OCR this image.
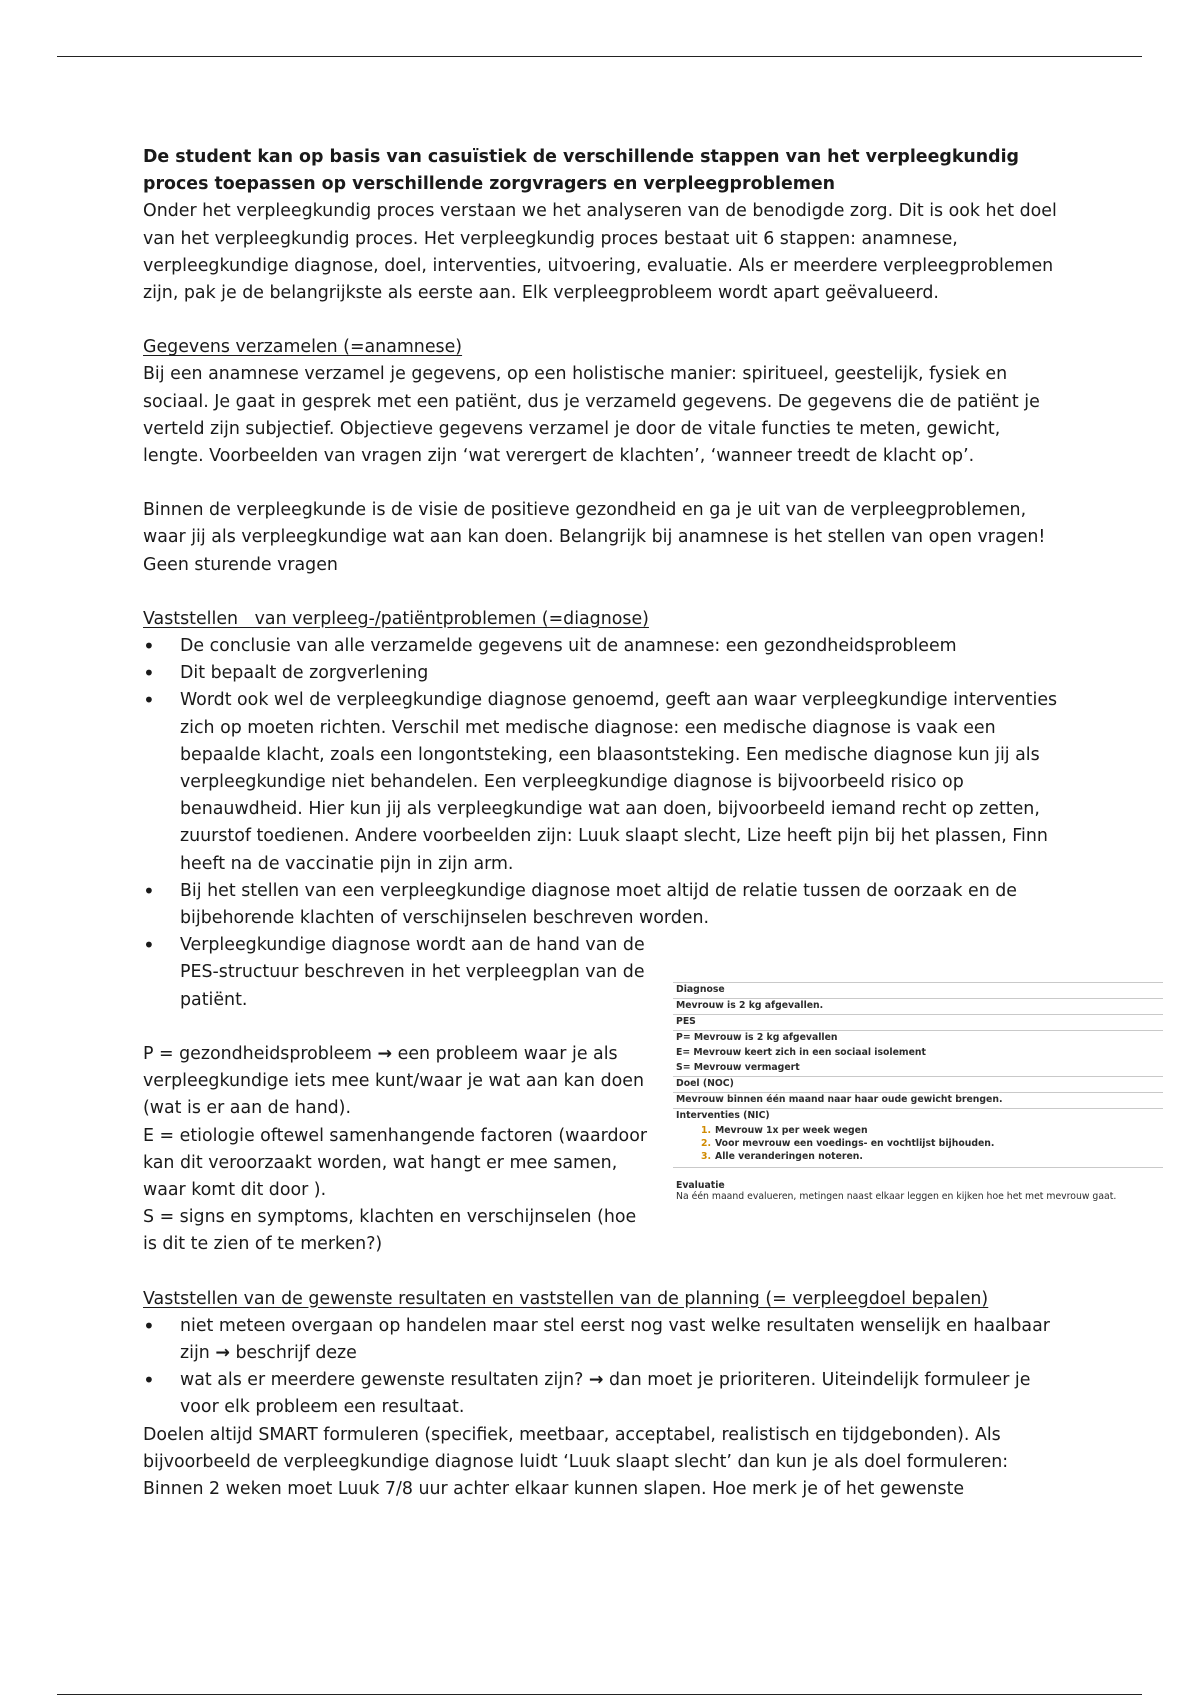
De student kan op basis van casuïstiek de verschillende stappen van het verpleegkundig proces toepassen op verschillende zorgvragers en verpleegproblemen

Onder het verpleegkundig proces verstaan we het analyseren van de benodigde zorg. Dit is ook het doel van het verpleegkundig proces. Het verpleegkundig proces bestaat uit 6 stappen: anamnese, verpleegkundige diagnose, doel, interventies, uitvoering, evaluatie. Als er meerdere verpleegproblemen zijn, pak je de belangrijkste als eerste aan. Elk verpleegprobleem wordt apart geëvalueerd.

Gegevens verzamelen (=anamnese)

Bij een anamnese verzamel je gegevens, op een holistische manier: spiritueel, geestelijk, fysiek en sociaal. Je gaat in gesprek met een patiënt, dus je verzameld gegevens. De gegevens die de patiënt je verteld zijn subjectief. Objectieve gegevens verzamel je door de vitale functies te meten, gewicht, lengte. Voorbeelden van vragen zijn ‘wat verergert de klachten’, ‘wanneer treedt de klacht op’.

Binnen de verpleegkunde is de visie de positieve gezondheid en ga je uit van de verpleegproblemen, waar jij als verpleegkundige wat aan kan doen. Belangrijk bij anamnese is het stellen van open vragen! Geen sturende vragen

Vaststellen   van verpleeg-/patiëntproblemen (=diagnose)

• De conclusie van alle verzamelde gegevens uit de anamnese: een gezondheidsprobleem
• Dit bepaalt de zorgverlening
• Wordt ook wel de verpleegkundige diagnose genoemd, geeft aan waar verpleegkundige interventies zich op moeten richten. Verschil met medische diagnose: een medische diagnose is vaak een bepaalde klacht, zoals een longontsteking, een blaasontsteking. Een medische diagnose kun jij als verpleegkundige niet behandelen. Een verpleegkundige diagnose is bijvoorbeeld risico op benauwdheid. Hier kun jij als verpleegkundige wat aan doen, bijvoorbeeld iemand recht op zetten, zuurstof toedienen. Andere voorbeelden zijn: Luuk slaapt slecht, Lize heeft pijn bij het plassen, Finn heeft na de vaccinatie pijn in zijn arm.
• Bij het stellen van een verpleegkundige diagnose moet altijd de relatie tussen de oorzaak en de bijbehorende klachten of verschijnselen beschreven worden.
• Verpleegkundige diagnose wordt aan de hand van de PES-structuur beschreven in het verpleegplan van de patiënt.

P = gezondheidsprobleem → een probleem waar je als verpleegkundige iets mee kunt/waar je wat aan kan doen (wat is er aan de hand).

E = etiologie oftewel samenhangende factoren (waardoor kan dit veroorzaakt worden, wat hangt er mee samen, waar komt dit door ).

S = signs en symptoms, klachten en verschijnselen (hoe is dit te zien of te merken?)

Vaststellen van de gewenste resultaten en vaststellen van de planning (= verpleegdoel bepalen)

• niet meteen overgaan op handelen maar stel eerst nog vast welke resultaten wenselijk en haalbaar zijn → beschrijf deze
• wat als er meerdere gewenste resultaten zijn? → dan moet je prioriteren. Uiteindelijk formuleer je voor elk probleem een resultaat.

Doelen altijd SMART formuleren (specifiek, meetbaar, acceptabel, realistisch en tijdgebonden). Als bijvoorbeeld de verpleegkundige diagnose luidt ‘Luuk slaapt slecht’ dan kun je als doel formuleren: Binnen 2 weken moet Luuk 7/8 uur achter elkaar kunnen slapen. Hoe merk je of het gewenste

Diagnose
Mevrouw is 2 kg afgevallen.
PES
P= Mevrouw is 2 kg afgevallen
E= Mevrouw keert zich in een sociaal isolement
S= Mevrouw vermagert
Doel (NOC)
Mevrouw binnen één maand naar haar oude gewicht brengen.
Interventies (NIC)
1. Mevrouw 1x per week wegen
2. Voor mevrouw een voedings- en vochtlijst bijhouden.
3. Alle veranderingen noteren.
Evaluatie
Na één maand evalueren, metingen naast elkaar leggen en kijken hoe het met mevrouw gaat.
